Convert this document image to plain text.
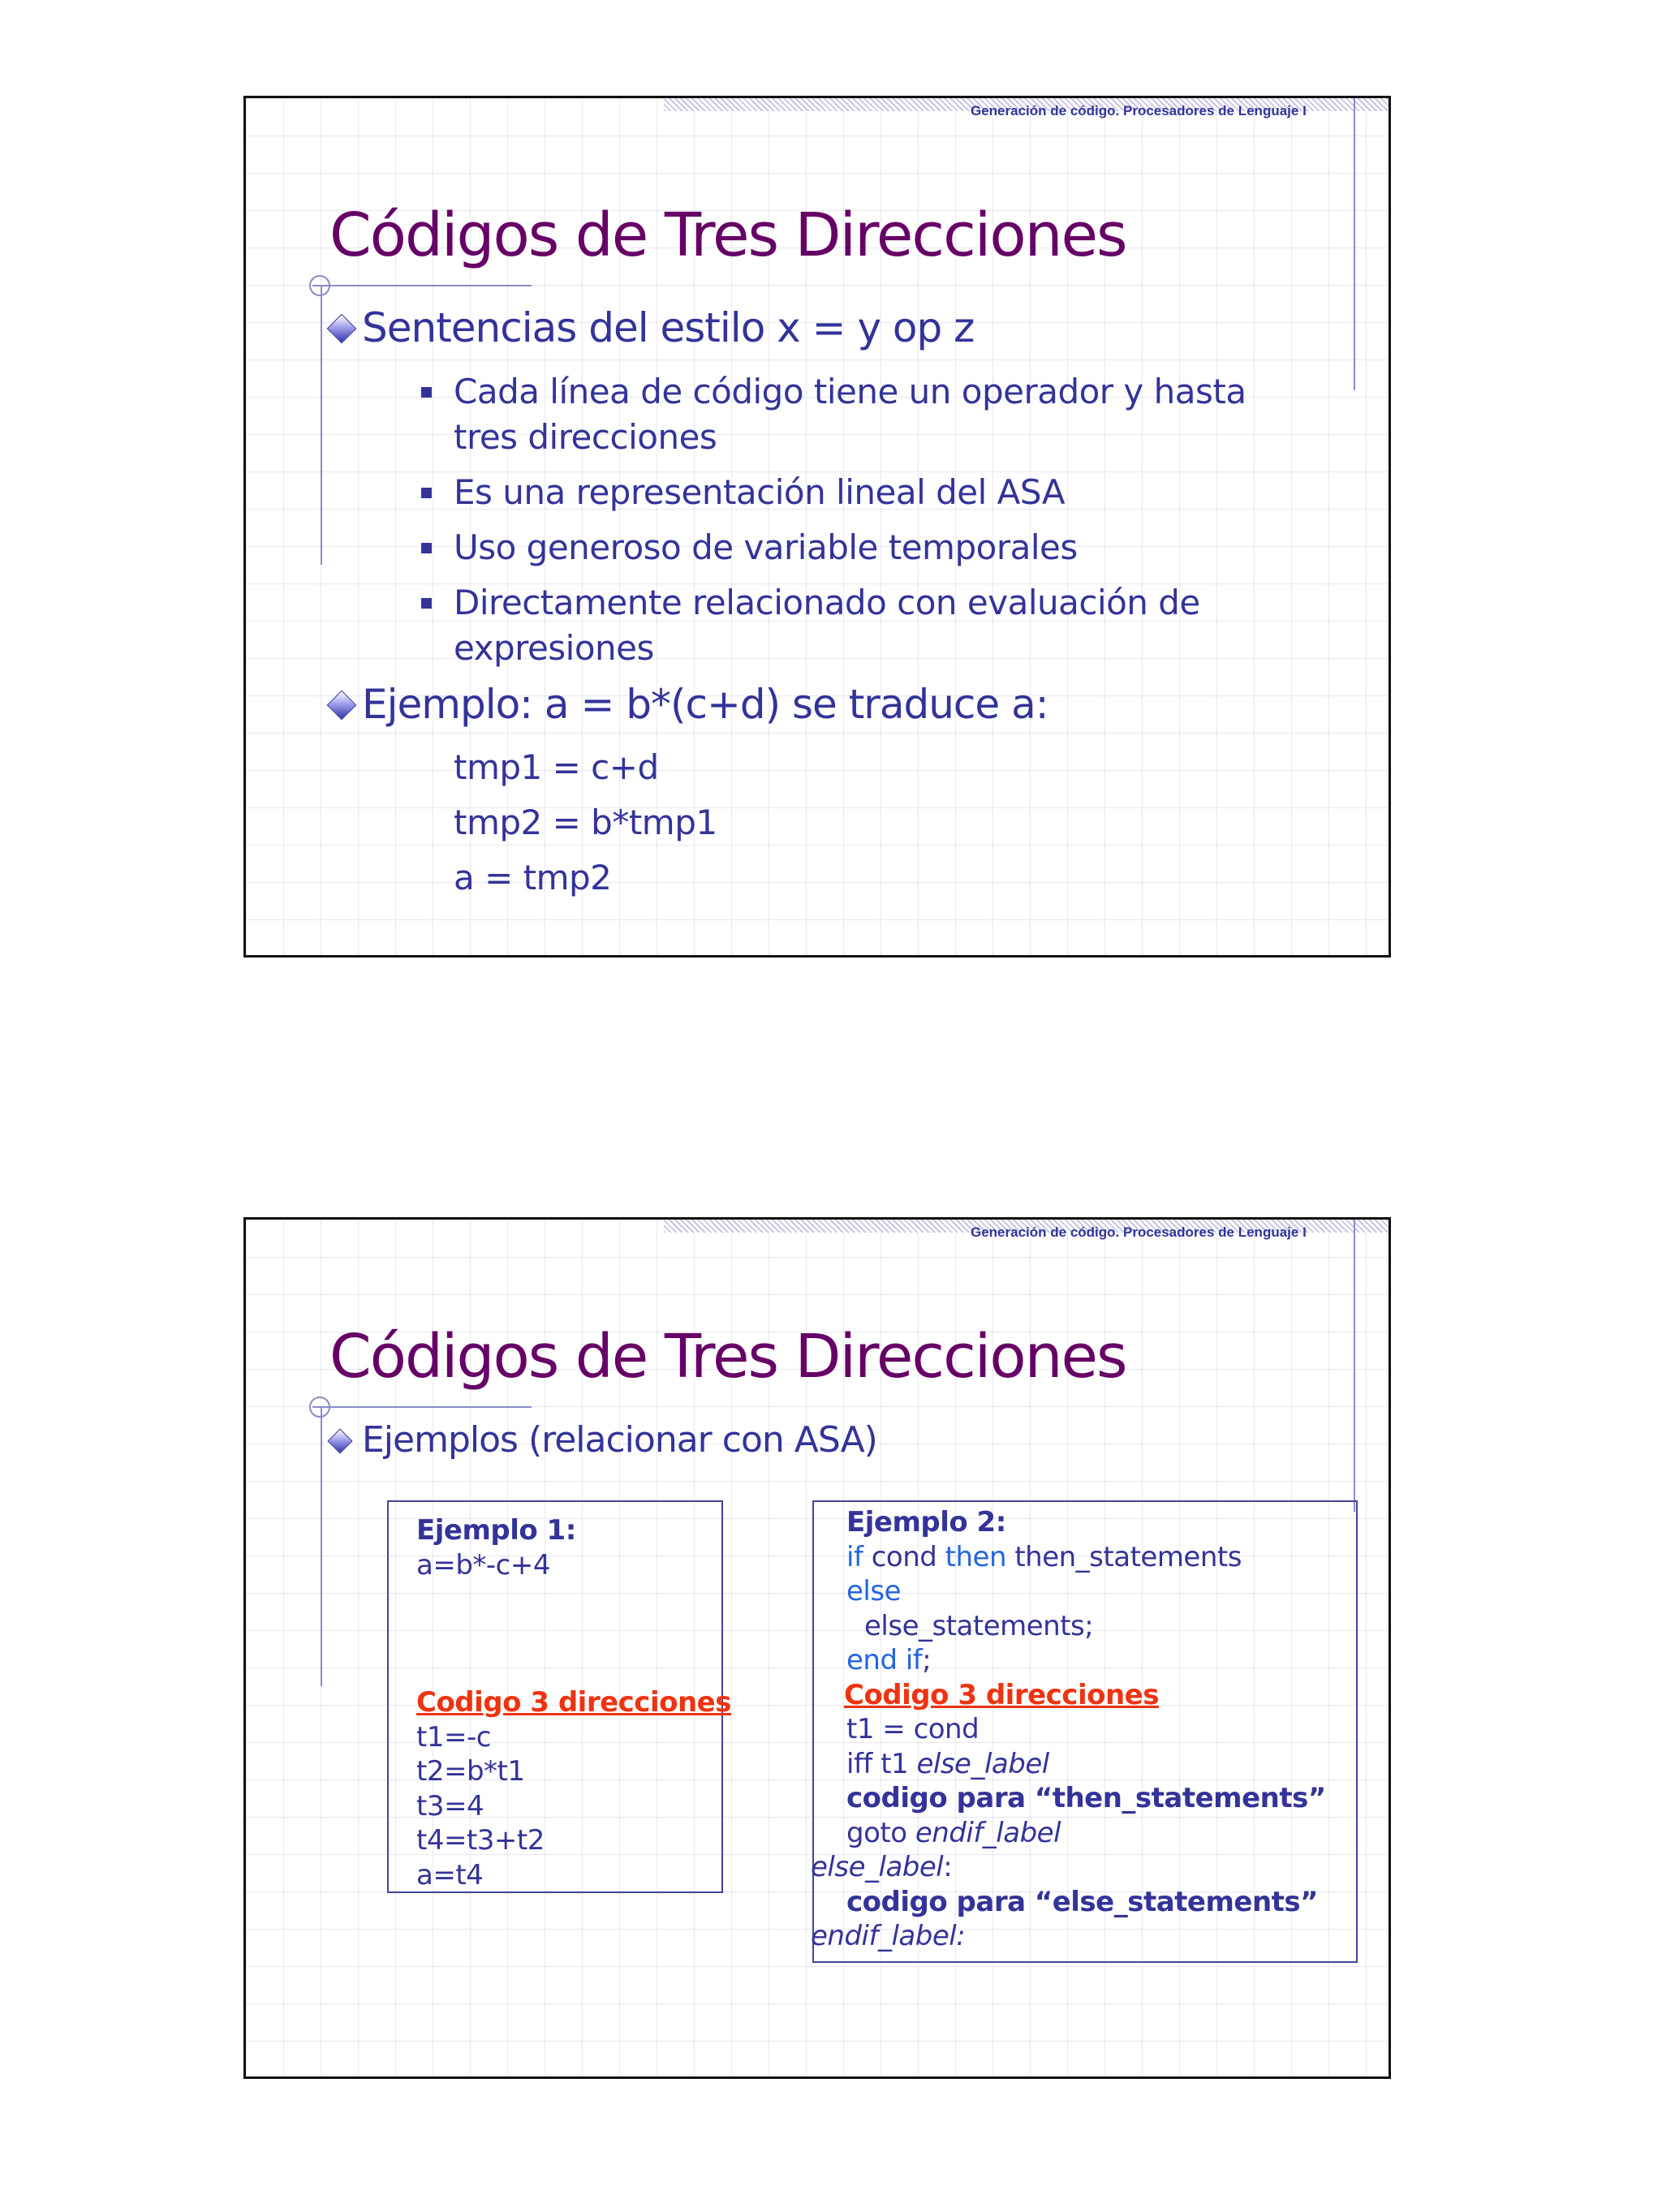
Generación de código. Procesadores de Lenguaje I
Códigos de Tres Direcciones
Sentencias del estilo x = y op z
Cada línea de código tiene un operador y hasta tres direcciones
Es una representación lineal del ASA
Uso generoso de variable temporales
Directamente relacionado con evaluación de expresiones
Ejemplo: a = b*(c+d) se traduce a:
tmp1 = c+d
tmp2 = b*tmp1
a = tmp2
Generación de código. Procesadores de Lenguaje I
Códigos de Tres Direcciones
Ejemplos (relacionar con ASA)
Ejemplo 1:
a=b*-c+4
Codigo 3 direcciones
t1=-c
t2=b*t1
t3=4
t4=t3+t2
a=t4
Ejemplo 2:
if cond then then_statements
else
else_statements;
end if;
Codigo 3 direcciones
t1 = cond
iff t1 else_label
codigo para “then_statements”
goto endif_label
else_label:
codigo para “else_statements”
endif_label:
